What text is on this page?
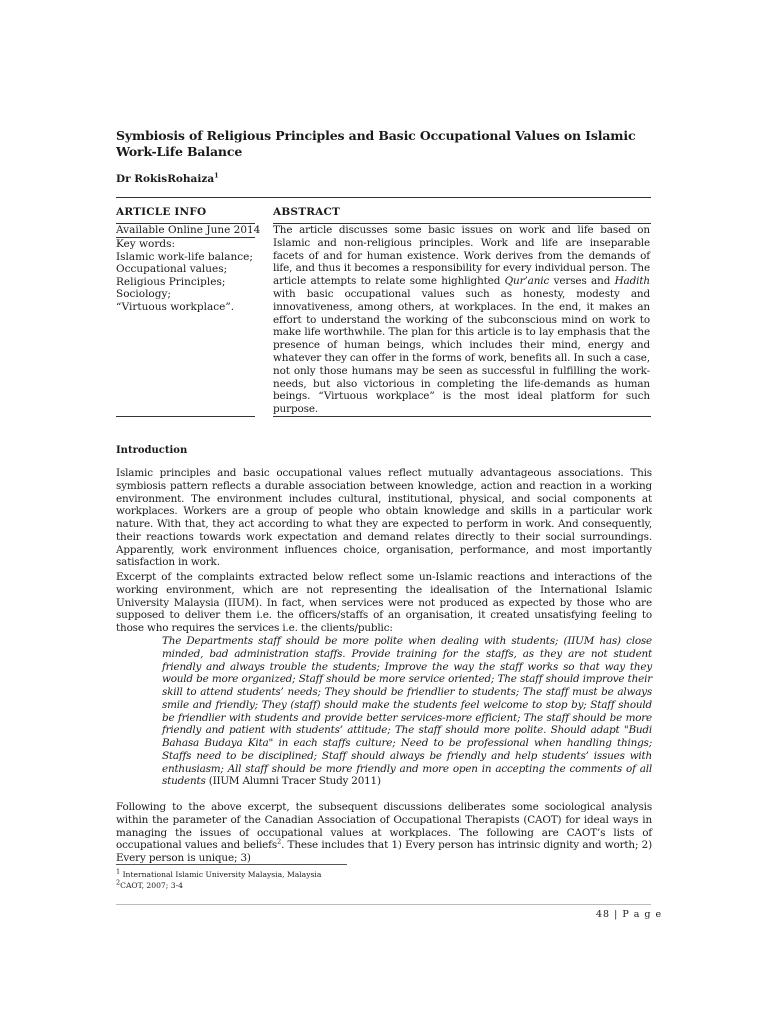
Symbiosis of Religious Principles and Basic Occupational Values on Islamic Work-Life Balance
Dr RokisRohaiza$^1$
ARTICLE INFO	ABSTRACT
Available Online June 2014
Key words:
Islamic work-life balance;
Occupational values;
Religious Principles;
Sociology;
“Virtuous workplace”.
The article discusses some basic issues on work and life based on Islamic and non-religious principles. Work and life are inseparable facets of and for human existence. Work derives from the demands of life, and thus it becomes a responsibility for every individual person. The article attempts to relate some highlighted Qur’anic verses and Hadith with basic occupational values such as honesty, modesty and innovativeness, among others, at workplaces. In the end, it makes an effort to understand the working of the subconscious mind on work to make life worthwhile. The plan for this article is to lay emphasis that the presence of human beings, which includes their mind, energy and whatever they can offer in the forms of work, benefits all. In such a case, not only those humans may be seen as successful in fulfilling the work-needs, but also victorious in completing the life-demands as human beings. “Virtuous workplace” is the most ideal platform for such purpose.
Introduction
Islamic principles and basic occupational values reflect mutually advantageous associations. This symbiosis pattern reflects a durable association between knowledge, action and reaction in a working environment. The environment includes cultural, institutional, physical, and social components at workplaces. Workers are a group of people who obtain knowledge and skills in a particular work nature. With that, they act according to what they are expected to perform in work. And consequently, their reactions towards work expectation and demand relates directly to their social surroundings. Apparently, work environment influences choice, organisation, performance, and most importantly satisfaction in work.
Excerpt of the complaints extracted below reflect some un-Islamic reactions and interactions of the working environment, which are not representing the idealisation of the International Islamic University Malaysia (IIUM). In fact, when services were not produced as expected by those who are supposed to deliver them i.e. the officers/staffs of an organisation, it created unsatisfying feeling to those who requires the services i.e. the clients/public:
The Departments staff should be more polite when dealing with students; (IIUM has) close minded, bad administration staffs. Provide training for the staffs, as they are not student friendly and always trouble the students; Improve the way the staff works so that way they would be more organized; Staff should be more service oriented; The staff should improve their skill to attend students’ needs; They should be friendlier to students; The staff must be always smile and friendly; They (staff) should make the students feel welcome to stop by; Staff should be friendlier with students and provide better services-more efficient; The staff should be more friendly and patient with students’ attitude; The staff should more polite. Should adapt "Budi Bahasa Budaya Kita" in each staffs culture; Need to be professional when handling things; Staffs need to be disciplined; Staff should always be friendly and help students’ issues with enthusiasm; All staff should be more friendly and more open in accepting the comments of all students (IIUM Alumni Tracer Study 2011)
Following to the above excerpt, the subsequent discussions deliberates some sociological analysis within the parameter of the Canadian Association of Occupational Therapists (CAOT) for ideal ways in managing the issues of occupational values at workplaces. The following are CAOT’s lists of occupational values and beliefs$^2$. These includes that 1) Every person has intrinsic dignity and worth; 2) Every person is unique; 3)
$^1$ International Islamic University Malaysia, Malaysia
$^2$CAOT, 2007; 3-4
48 | P a g e
